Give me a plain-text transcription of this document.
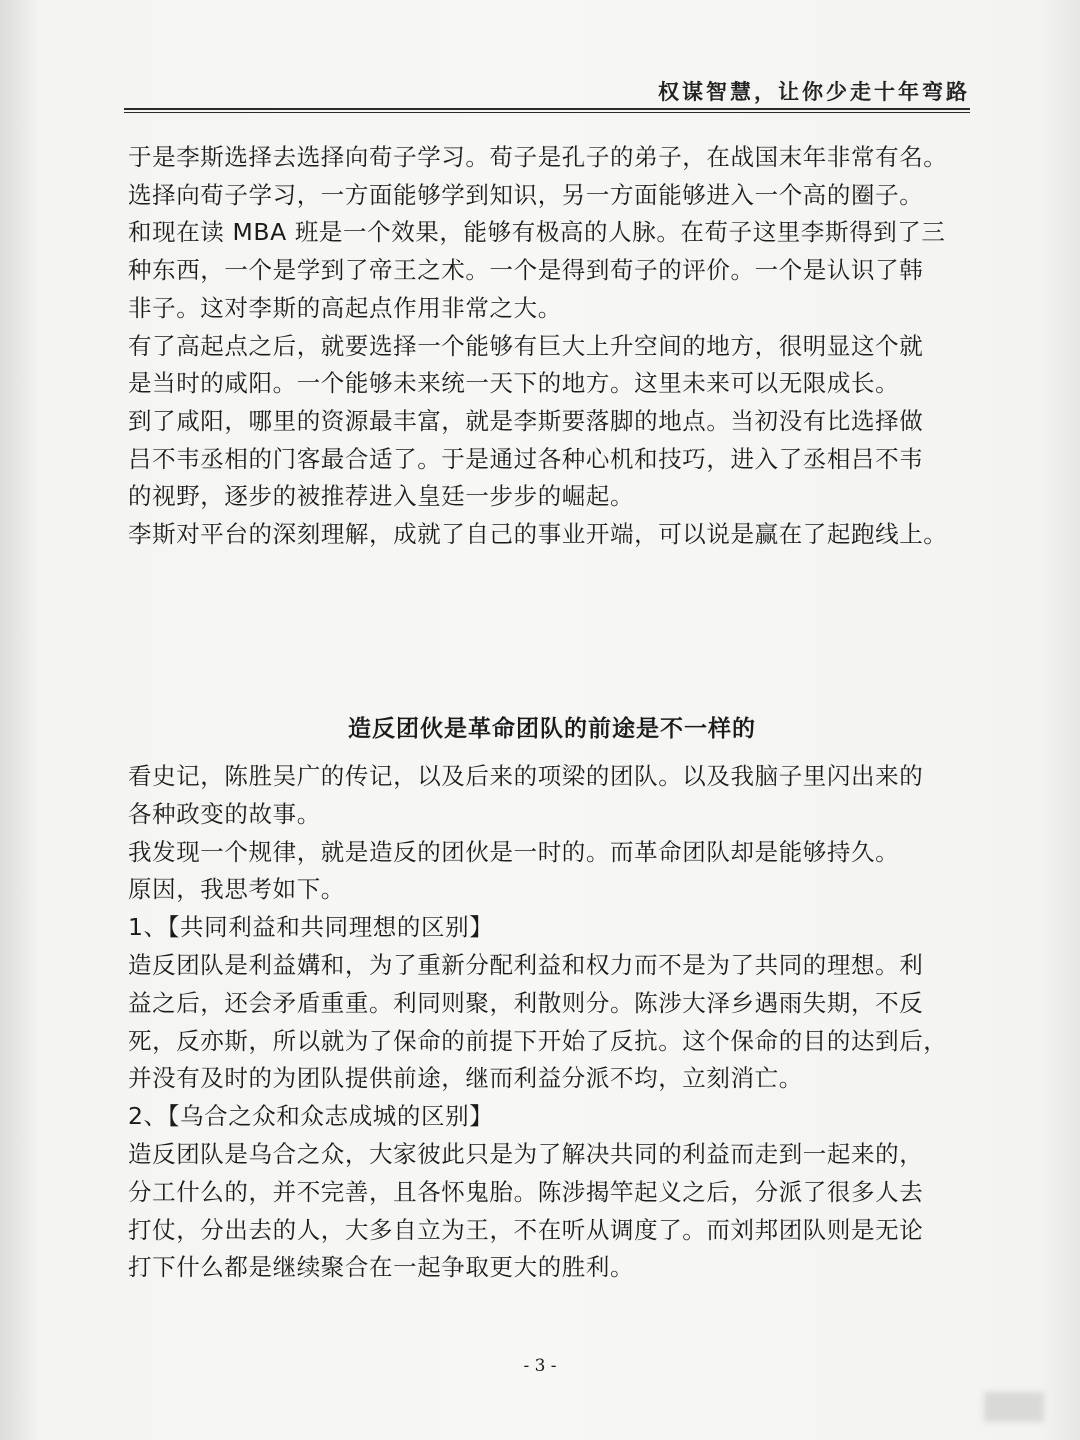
权谋智慧，让你少走十年弯路

于是李斯选择去选择向荀子学习。荀子是孔子的弟子，在战国末年非常有名。

选择向荀子学习，一方面能够学到知识，另一方面能够进入一个高的圈子。

和现在读 MBA 班是一个效果，能够有极高的人脉。在荀子这里李斯得到了三

种东西，一个是学到了帝王之术。一个是得到荀子的评价。一个是认识了韩

非子。这对李斯的高起点作用非常之大。

有了高起点之后，就要选择一个能够有巨大上升空间的地方，很明显这个就

是当时的咸阳。一个能够未来统一天下的地方。这里未来可以无限成长。

到了咸阳，哪里的资源最丰富，就是李斯要落脚的地点。当初没有比选择做

吕不韦丞相的门客最合适了。于是通过各种心机和技巧，进入了丞相吕不韦

的视野，逐步的被推荐进入皇廷一步步的崛起。

李斯对平台的深刻理解，成就了自己的事业开端，可以说是赢在了起跑线上。

造反团伙是革命团队的前途是不一样的

看史记，陈胜吴广的传记，以及后来的项梁的团队。以及我脑子里闪出来的

各种政变的故事。

我发现一个规律，就是造反的团伙是一时的。而革命团队却是能够持久。

原因，我思考如下。

1、【共同利益和共同理想的区别】

造反团队是利益媾和，为了重新分配利益和权力而不是为了共同的理想。利

益之后，还会矛盾重重。利同则聚，利散则分。陈涉大泽乡遇雨失期，不反

死，反亦斯，所以就为了保命的前提下开始了反抗。这个保命的目的达到后，

并没有及时的为团队提供前途，继而利益分派不均，立刻消亡。

2、【乌合之众和众志成城的区别】

造反团队是乌合之众，大家彼此只是为了解决共同的利益而走到一起来的，

分工什么的，并不完善，且各怀鬼胎。陈涉揭竿起义之后，分派了很多人去

打仗，分出去的人，大多自立为王，不在听从调度了。而刘邦团队则是无论

打下什么都是继续聚合在一起争取更大的胜利。

- 3 -
